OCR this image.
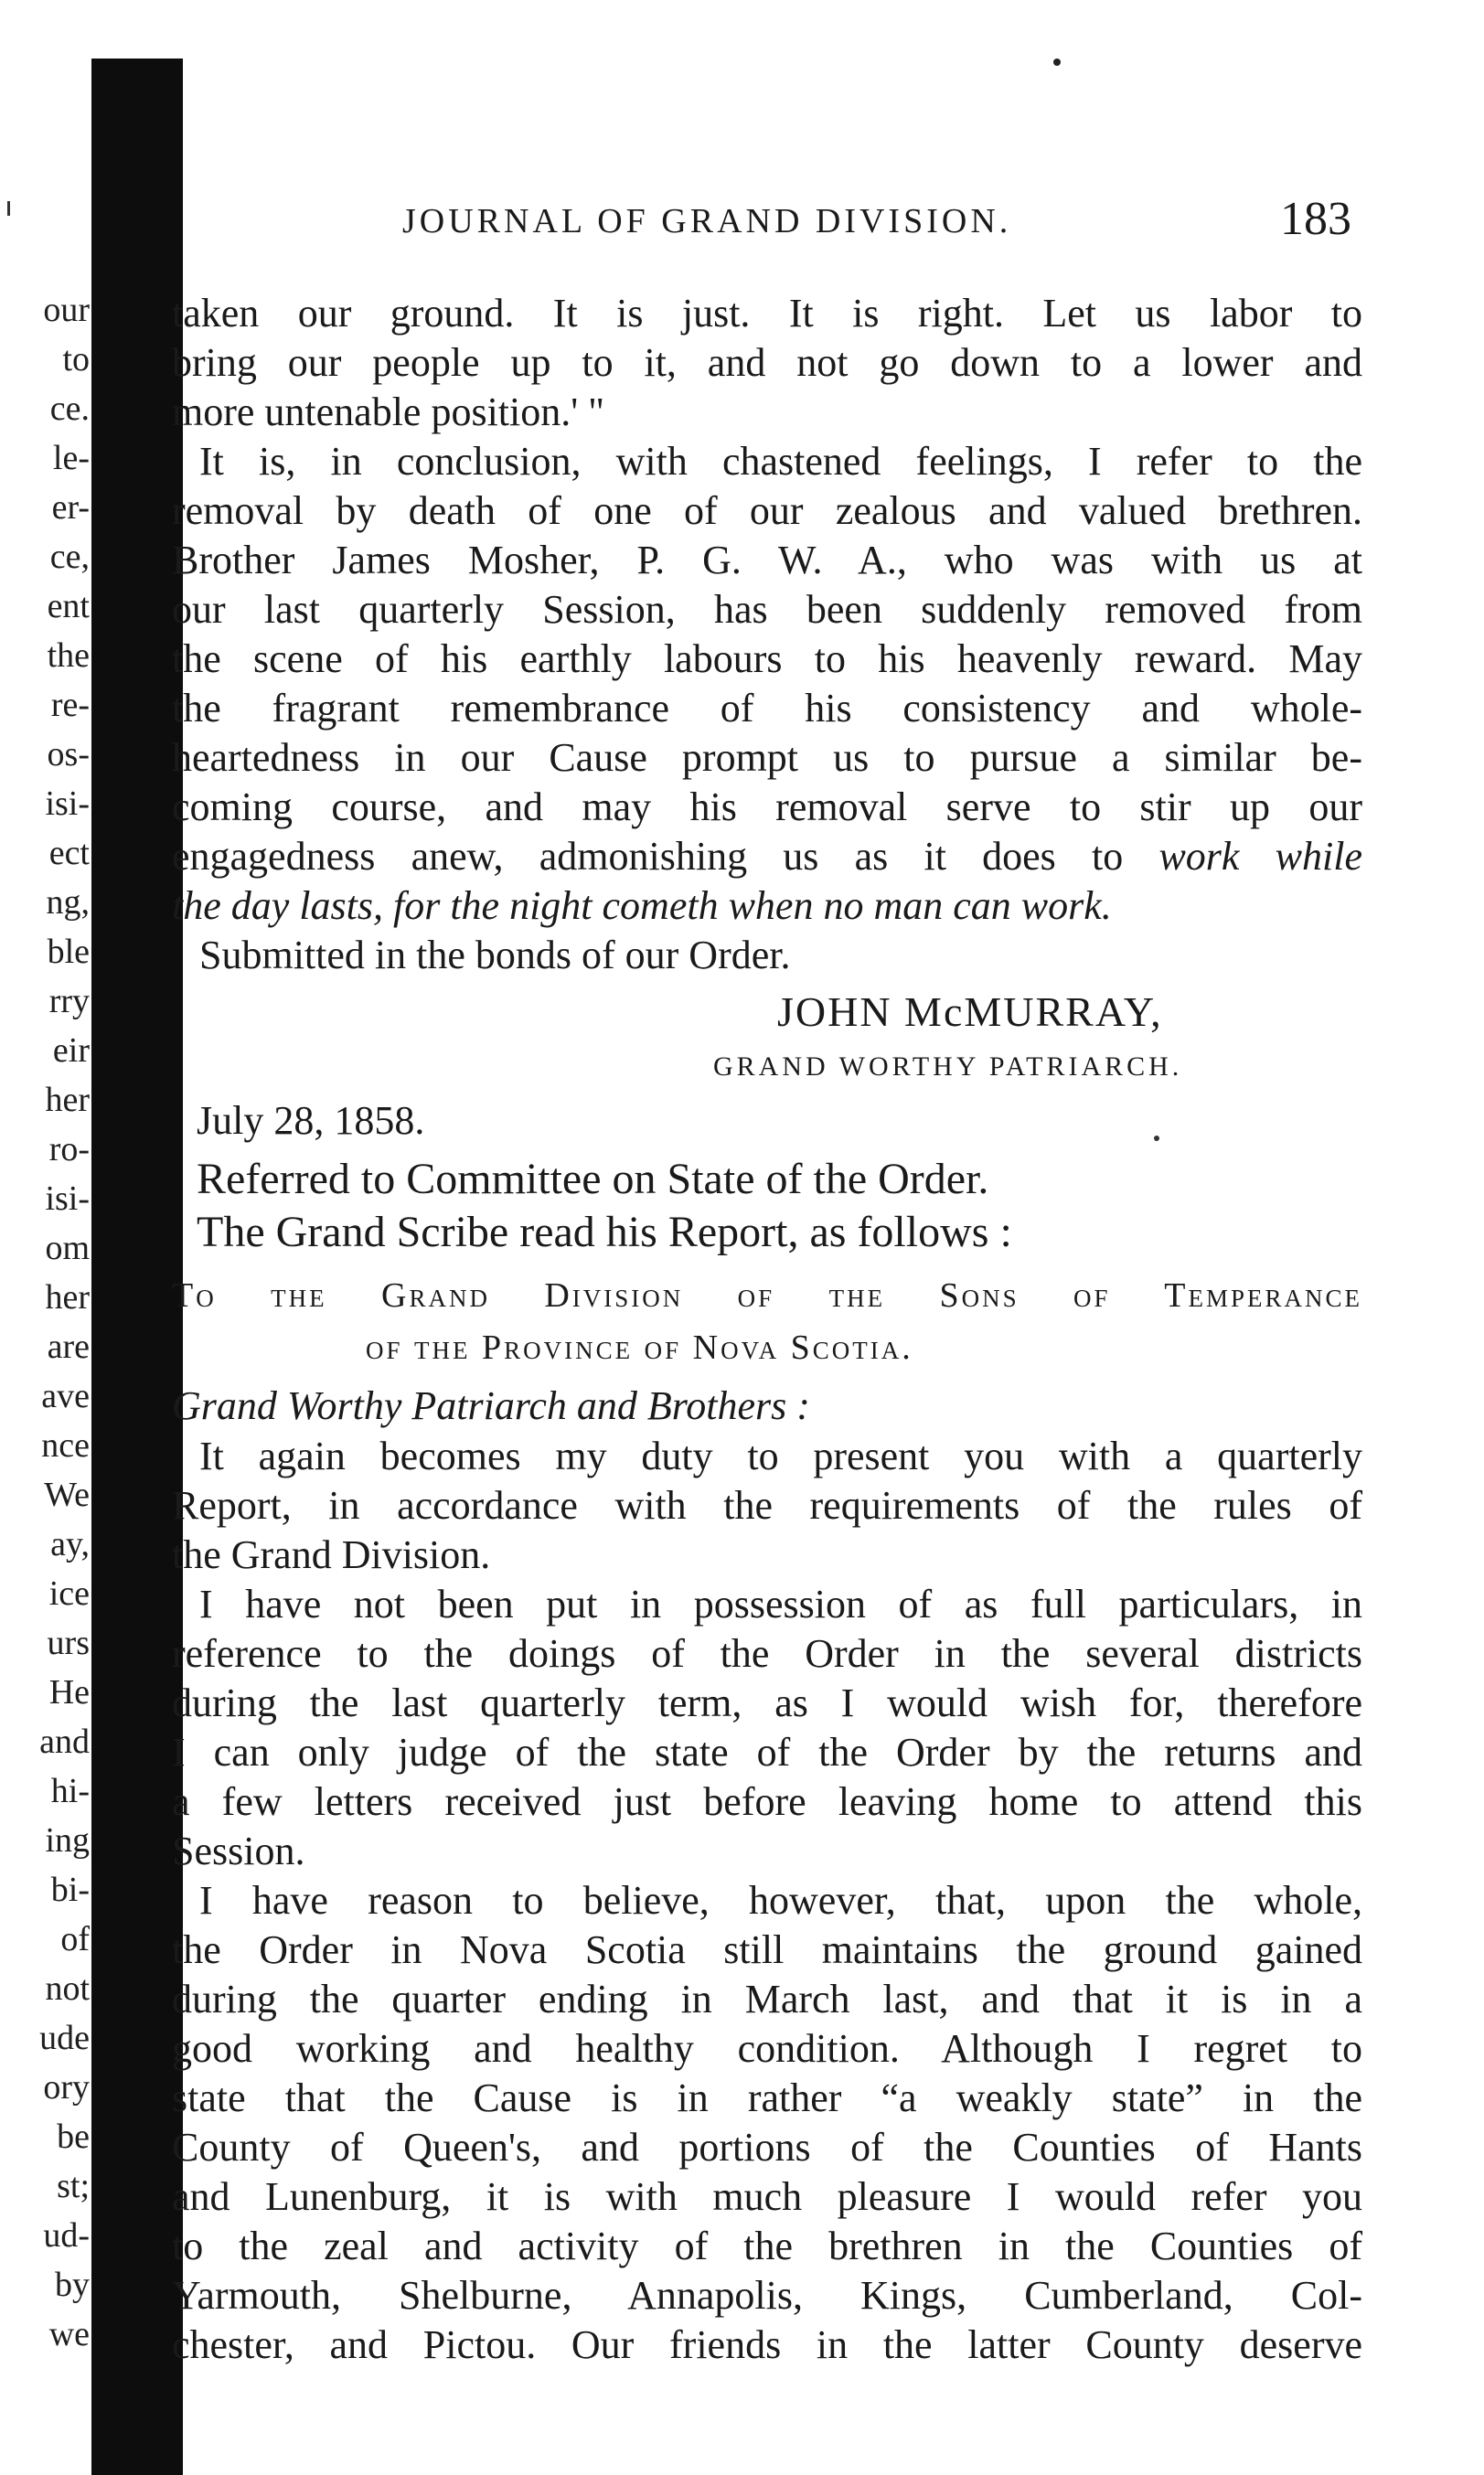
our
to
ce.
le-
er-
ce,
ent
the
re-
os-
isi-
ect
ng,
ble
rry
eir
her
ro-
isi-
om
her
are
ave
nce
We
ay,
ice
urs
He
and
hi-
ing
bi-
of
not
ude
ory
be
st;
ud-
by
we
JOURNAL OF GRAND DIVISION.	183
taken our ground. It is just. It is right. Let us labor to
bring our people up to it, and not go down to a lower and
more untenable position.' "
It is, in conclusion, with chastened feelings, I refer to the
removal by death of one of our zealous and valued brethren.
Brother James Mosher, P. G. W. A., who was with us at
our last quarterly Session, has been suddenly removed from
the scene of his earthly labours to his heavenly reward. May
the fragrant remembrance of his consistency and whole-
heartedness in our Cause prompt us to pursue a similar be-
coming course, and may his removal serve to stir up our
engagedness anew, admonishing us as it does to work while
the day lasts, for the night cometh when no man can work.
Submitted in the bonds of our Order.
JOHN McMURRAY,
GRAND WORTHY PATRIARCH.
July 28, 1858.
Referred to Committee on State of the Order.
The Grand Scribe read his Report, as follows :
To the Grand Division of the Sons of Temperance
of the Province of Nova Scotia.
Grand Worthy Patriarch and Brothers :
It again becomes my duty to present you with a quarterly
Report, in accordance with the requirements of the rules of
the Grand Division.
I have not been put in possession of as full particulars, in
reference to the doings of the Order in the several districts
during the last quarterly term, as I would wish for, therefore
I can only judge of the state of the Order by the returns and
a few letters received just before leaving home to attend this
Session.
I have reason to believe, however, that, upon the whole,
the Order in Nova Scotia still maintains the ground gained
during the quarter ending in March last, and that it is in a
good working and healthy condition. Although I regret to
state that the Cause is in rather “a weakly state” in the
County of Queen's, and portions of the Counties of Hants
and Lunenburg, it is with much pleasure I would refer you
to the zeal and activity of the brethren in the Counties of
Yarmouth, Shelburne, Annapolis, Kings, Cumberland, Col-
chester, and Pictou. Our friends in the latter County deserve
